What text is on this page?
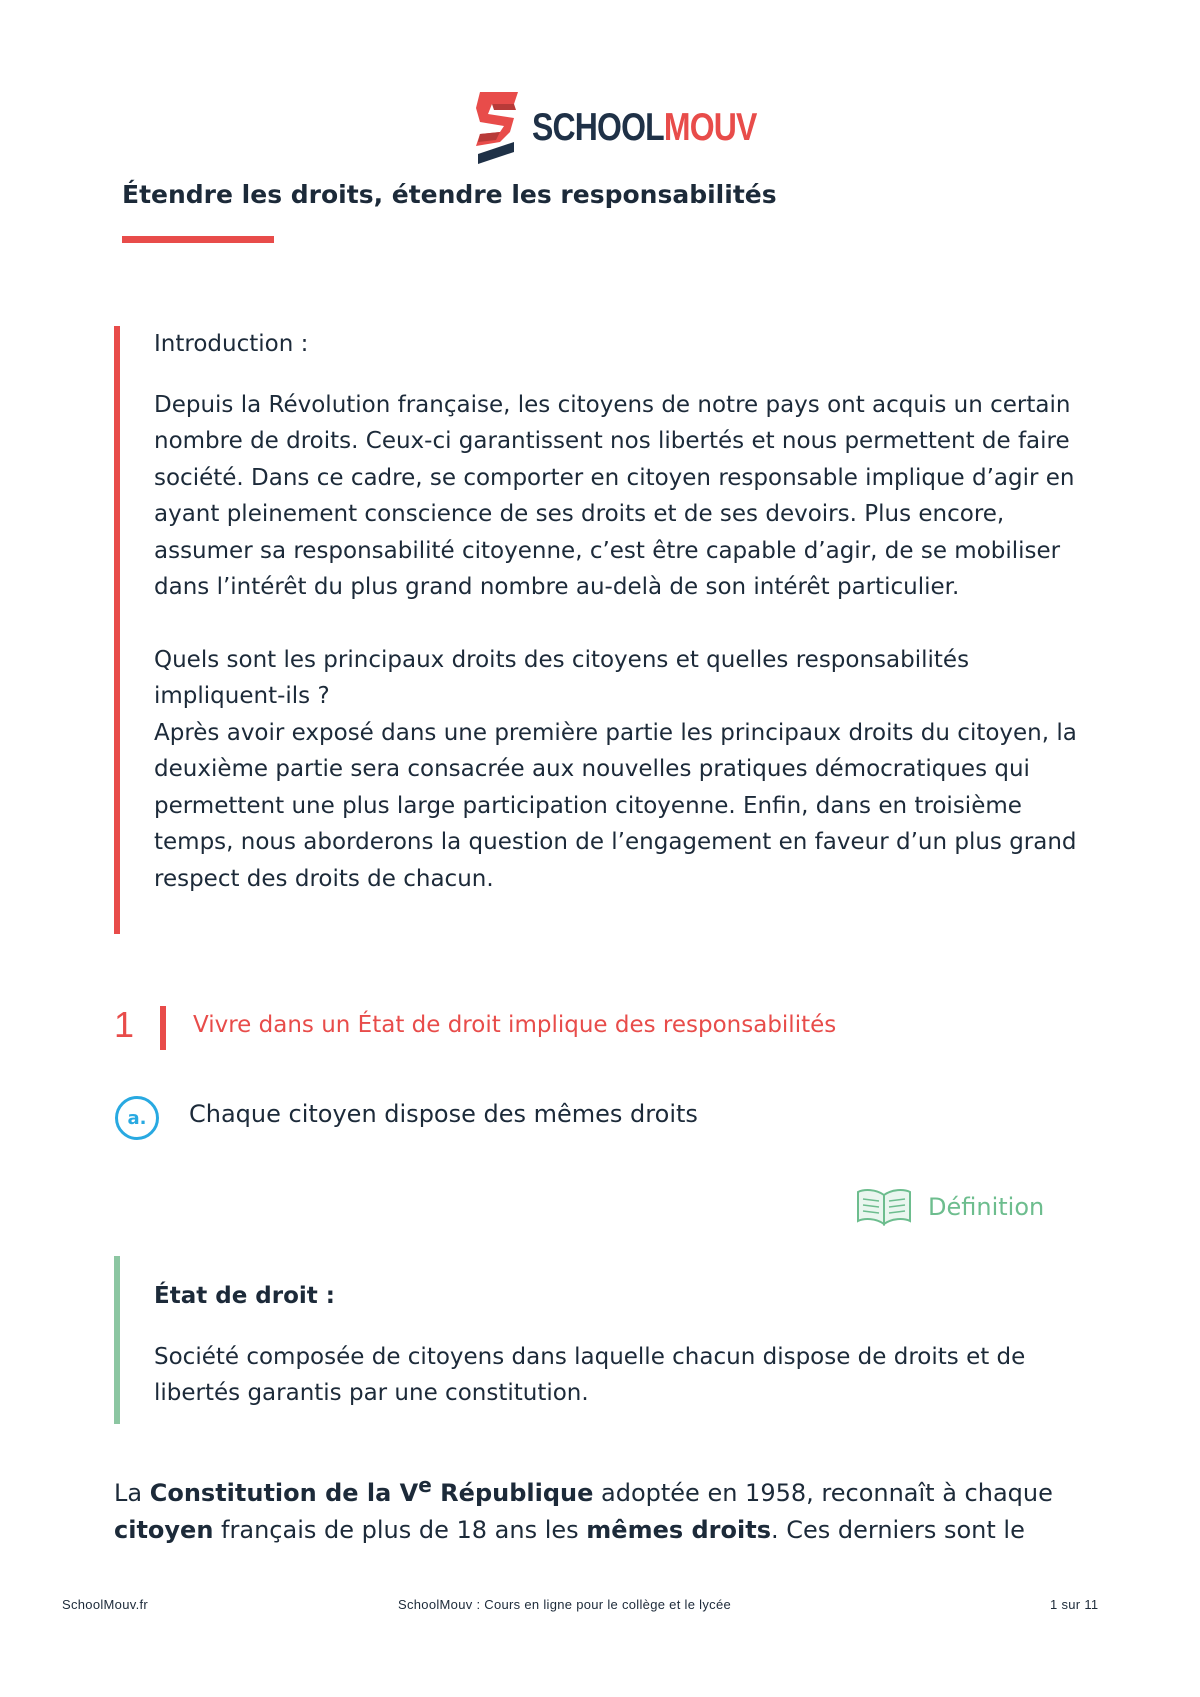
SCHOOLMOUV
Étendre les droits, étendre les responsabilités

Introduction :

Depuis la Révolution française, les citoyens de notre pays ont acquis un certain nombre de droits. Ceux-ci garantissent nos libertés et nous permettent de faire société. Dans ce cadre, se comporter en citoyen responsable implique d’agir en ayant pleinement conscience de ses droits et de ses devoirs. Plus encore, assumer sa responsabilité citoyenne, c’est être capable d’agir, de se mobiliser dans l’intérêt du plus grand nombre au-delà de son intérêt particulier.

Quels sont les principaux droits des citoyens et quelles responsabilités impliquent-ils ?

Après avoir exposé dans une première partie les principaux droits du citoyen, la deuxième partie sera consacrée aux nouvelles pratiques démocratiques qui permettent une plus large participation citoyenne. Enfin, dans en troisième temps, nous aborderons la question de l’engagement en faveur d’un plus grand respect des droits de chacun.

1	Vivre dans un État de droit implique des responsabilités
a.	Chaque citoyen dispose des mêmes droits
Définition

État de droit :

Société composée de citoyens dans laquelle chacun dispose de droits et de libertés garantis par une constitution.

La Constitution de la Ve République adoptée en 1958, reconnaît à chaque citoyen français de plus de 18 ans les mêmes droits. Ces derniers sont le

SchoolMouv.fr	SchoolMouv : Cours en ligne pour le collège et le lycée	1 sur 11
